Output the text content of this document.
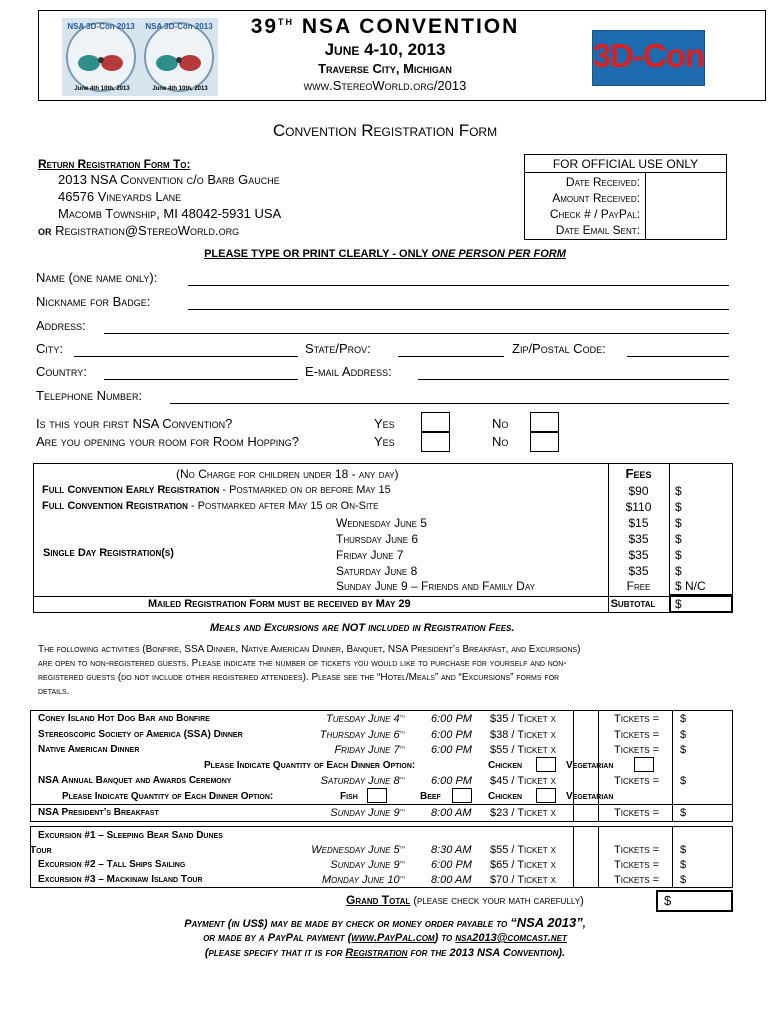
NSA 3D-Con 2013
June 4th 10th, 2013
NSA 3D-Con 2013
June 4th 10th, 2013
39TH NSA CONVENTION
June 4-10, 2013
Traverse City, Michigan
www.StereoWorld.org/2013
3D-Con
Convention Registration Form
Return Registration Form To:
2013 NSA Convention c/o Barb Gauche
46576 Vineyards Lane
Macomb Township, MI 48042-5931 USA
or Registration@StereoWorld.org
FOR OFFICIAL USE ONLY
Date Received:
Amount Received:
Check # / PayPal:
Date Email Sent:
PLEASE TYPE OR PRINT CLEARLY - ONLY ONE PERSON PER FORM
Name (one name only):
Nickname for Badge:
Address:
City:	State/Prov:	Zip/Postal Code:
Country:	E-mail Address:
Telephone Number:
Is this your first NSA Convention?
Are you opening your room for Room Hopping?
Yes
Yes
No
No
Fees
(No Charge for children under 18 - any day)
Full Convention Early Registration - Postmarked on or before May 15	$90	$
Full Convention Registration - Postmarked after May 15 or On-Site	$110	$
Single Day Registration(s)
Wednesday June 5	$15	$
Thursday June 6	$35	$
Friday June 7	$35	$
Saturday June 8	$35	$
Sunday June 9 – Friends and Family Day	Free	$ N/C
Mailed Registration Form must be received by May 29	Subtotal	$
Meals and Excursions are NOT included in Registration Fees.
The following activities (Bonfire, SSA Dinner, Native American Dinner, Banquet, NSA President’s Breakfast, and Excursions)
are open to non-registered guests. Please indicate the number of tickets you would like to purchase for yourself and non-
registered guests (do not include other registered attendees). Please see the “Hotel/Meals” and “Excursions” forms for
details.
Coney Island Hot Dog Bar and Bonfire	Tuesday June 4th 6:00 PM $35 / Ticket x	Tickets = $
Stereoscopic Society of America (SSA) Dinner	Thursday June 6th 6:00 PM $38 / Ticket x	Tickets = $
Native American Dinner	Friday June 7th 6:00 PM $55 / Ticket x	Tickets = $
Please Indicate Quantity of Each Dinner Option:	Chicken	Vegetarian
NSA Annual Banquet and Awards Ceremony	Saturday June 8th 6:00 PM $45 / Ticket x	Tickets = $
Please Indicate Quantity of Each Dinner Option:	Fish	Beef	Chicken	Vegetarian
NSA President’s Breakfast	Sunday June 9th 8:00 AM $23 / Ticket x	Tickets = $
Excursion #1 – Sleeping Bear Sand Dunes
Tour	Wednesday June 5th 8:30 AM $55 / Ticket x	Tickets = $
Excursion #2 – Tall Ships Sailing	Sunday June 9th 6:00 PM $65 / Ticket x	Tickets = $
Excursion #3 – Mackinaw Island Tour	Monday June 10th 8:00 AM $70 / Ticket x	Tickets = $
Grand Total (please check your math carefully)	$
Payment (in US$) may be made by check or money order payable to “NSA 2013”,
or made by a PayPal payment (www.PayPal.com) to nsa2013@comcast.net
(please specify that it is for Registration for the 2013 NSA Convention).
